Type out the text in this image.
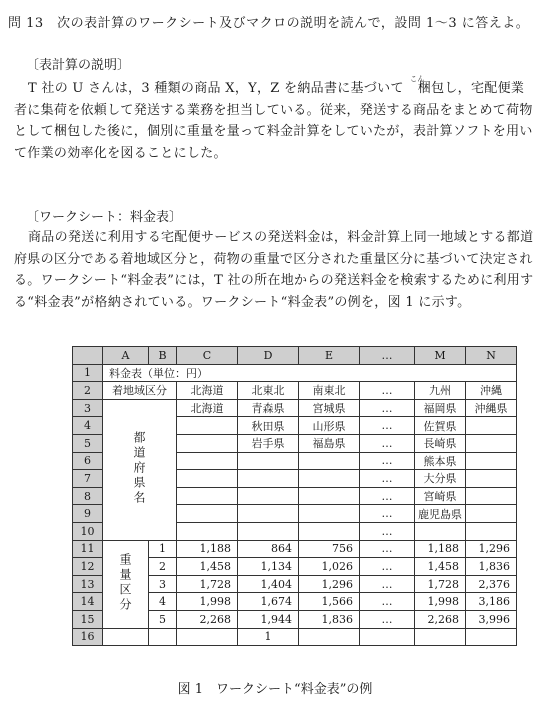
問 13　次の表計算のワークシート及びマクロの説明を読んで，設問 1～3 に答えよ。
〔表計算の説明〕
T 社の U さんは，3 種類の商品 X，Y，Z を納品書に基づいて
こん
梱包し，宅配便業者に集荷を依頼して発送する業務を担当している。従来，発送する商品をまとめて荷物として梱包した後に，個別に重量を量って料金計算をしていたが，表計算ソフトを用いて作業の効率化を図ることにした。
〔ワークシート：料金表〕
商品の発送に利用する宅配便サービスの発送料金は，料金計算上同一地域とする都道府県の区分である着地域区分と，荷物の重量で区分された重量区分に基づいて決定される。ワークシート“料金表”には，T 社の所在地からの発送料金を検索するために利用する“料金表”が格納されている。ワークシート“料金表”の例を，図 1 に示す。
	A	B	C	D	E	…	M	N
1	料金表（単位：円）							
2	着地域区分		北海道	北東北	南東北	…	九州	沖縄
3	都道府県名		北海道	青森県	宮城県	…	福岡県	沖縄県
4				秋田県	山形県	…	佐賀県	
5				岩手県	福島県	…	長崎県	
6						…	熊本県	
7						…	大分県	
8						…	宮崎県	
9						…	鹿児島県	
10						…		
11	重量区分	1	1,188	864	756	…	1,188	1,296
12		2	1,458	1,134	1,026	…	1,458	1,836
13		3	1,728	1,404	1,296	…	1,728	2,376
14		4	1,998	1,674	1,566	…	1,998	3,186
15		5	2,268	1,944	1,836	…	2,268	3,996
16				1				
図 1　ワークシート“料金表”の例
